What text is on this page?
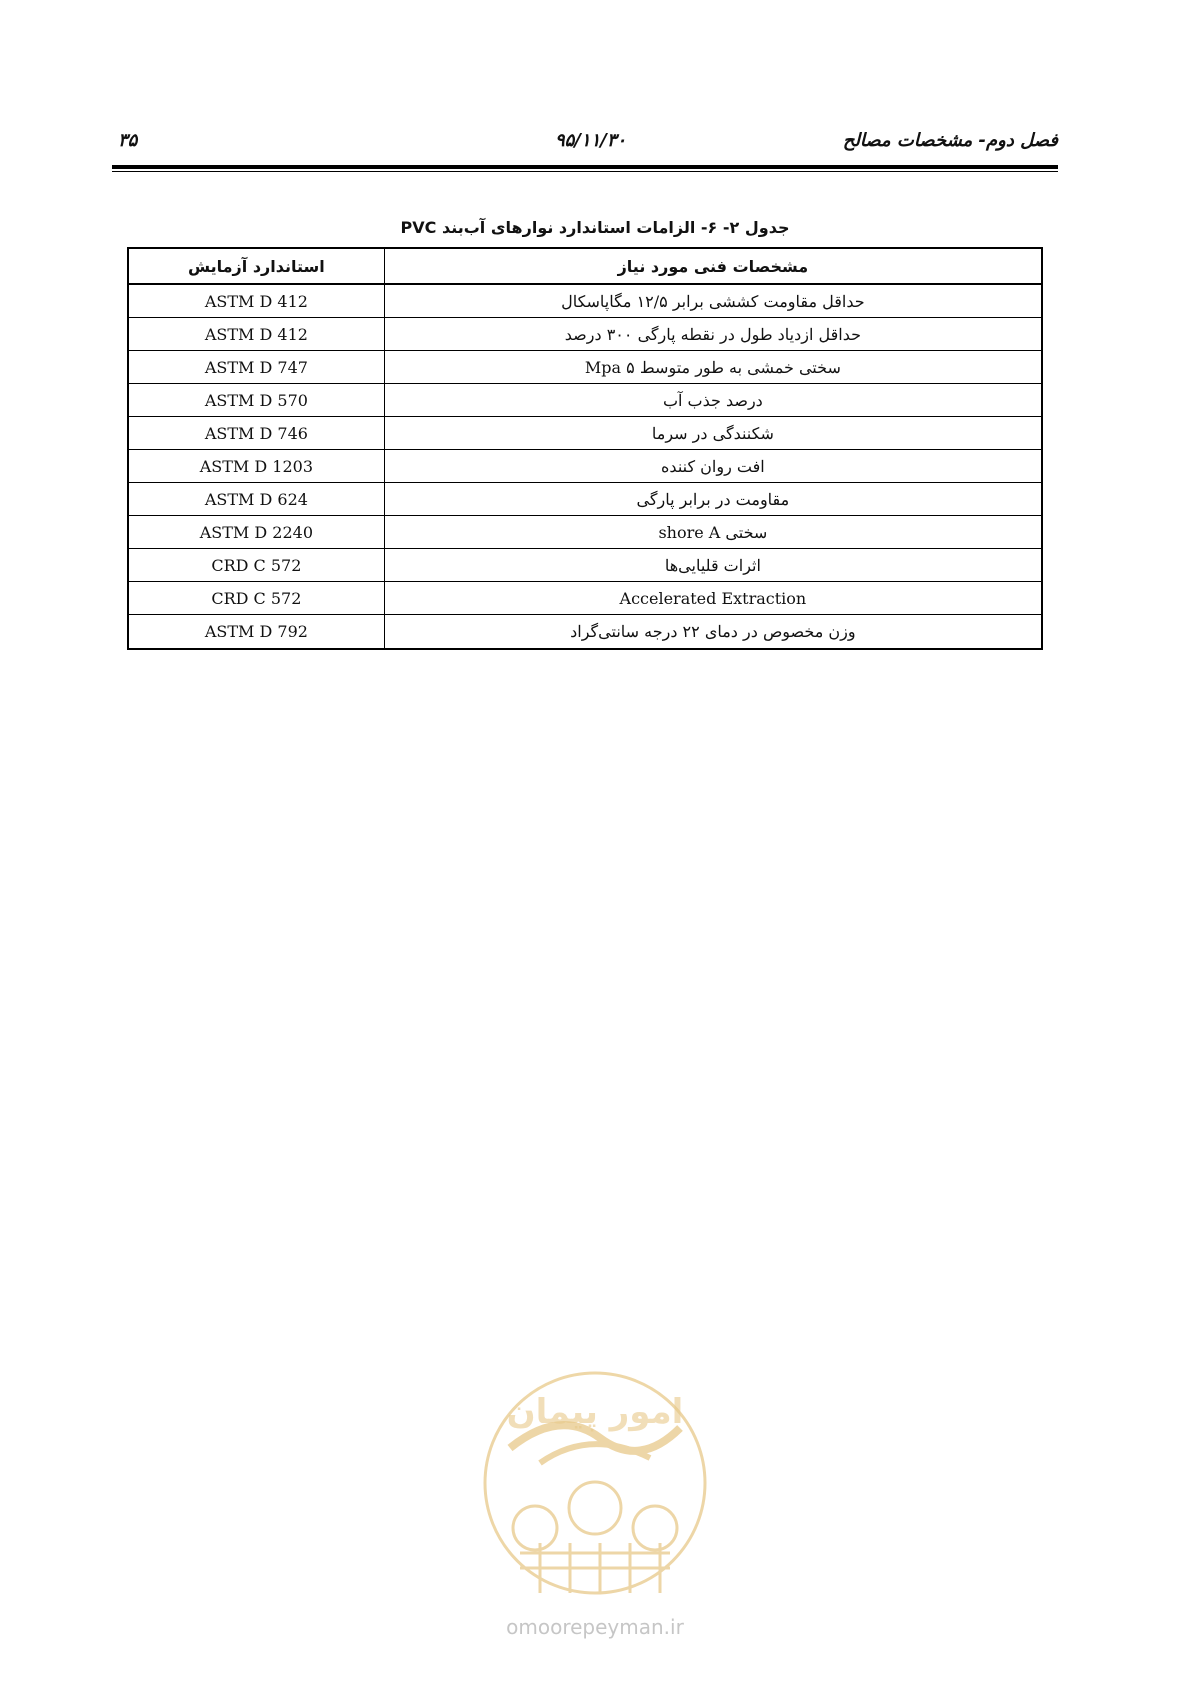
فصل دوم- مشخصات مصالح
۹۵/۱۱/۳۰
۳۵
جدول ۲- ۶- الزامات استاندارد نوارهای آب‌بند PVC
استاندارد آزمایش	مشخصات فنی مورد نیاز
ASTM D 412	حداقل مقاومت کششی برابر ۱۲/۵ مگاپاسکال
ASTM D 412	حداقل ازدیاد طول در نقطه پارگی ۳۰۰ درصد
ASTM D 747	سختی خمشی به طور متوسط ۵ Mpa
ASTM D 570	درصد جذب آب
ASTM D 746	شکنندگی در سرما
ASTM D 1203	افت روان کننده
ASTM D 624	مقاومت در برابر پارگی
ASTM D 2240	سختی shore A
CRD C 572	اثرات قلیایی‌ها
CRD C 572	Accelerated Extraction
ASTM D 792	وزن مخصوص در دمای ۲۲ درجه سانتی‌گراد
امور پیمان
omoorepeyman.ir
